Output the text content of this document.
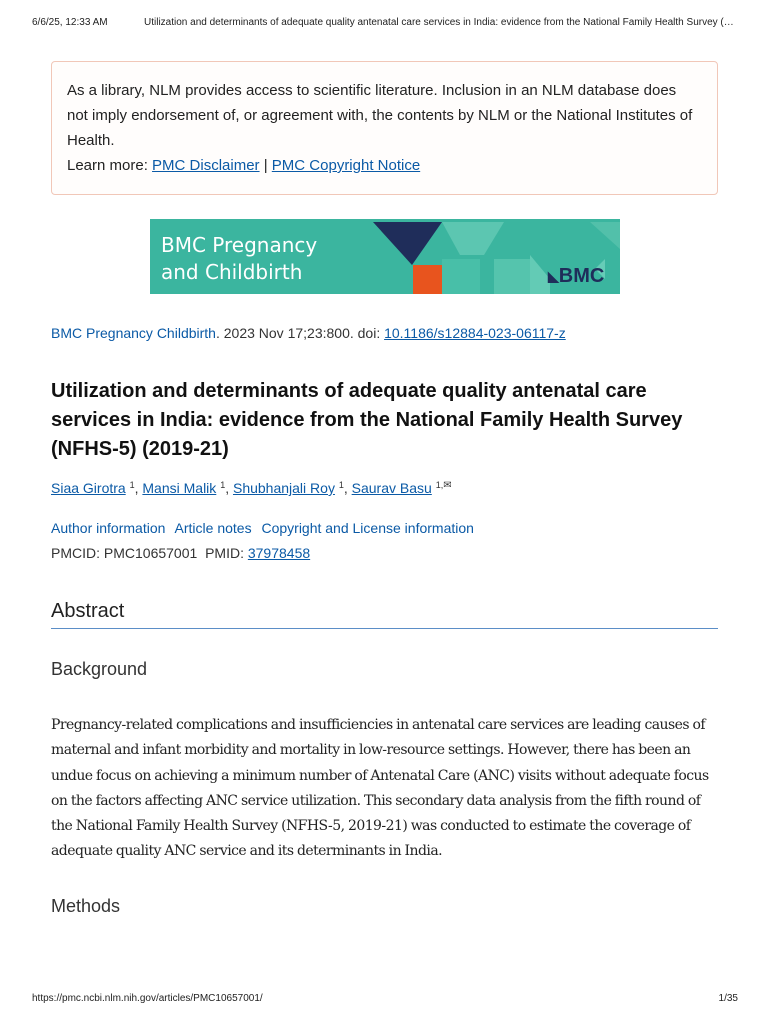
6/6/25, 12:33 AM	Utilization and determinants of adequate quality antenatal care services in India: evidence from the National Family Health Survey (…
As a library, NLM provides access to scientific literature. Inclusion in an NLM database does not imply endorsement of, or agreement with, the contents by NLM or the National Institutes of Health.
Learn more: PMC Disclaimer | PMC Copyright Notice
BMC Pregnancy
and Childbirth	◣BMC
BMC Pregnancy Childbirth. 2023 Nov 17;23:800. doi: 10.1186/s12884-023-06117-z
Utilization and determinants of adequate quality antenatal care services in India: evidence from the National Family Health Survey (NFHS-5) (2019-21)
Siaa Girotra $^1$, Mansi Malik $^1$, Shubhanjali Roy $^1$, Saurav Basu $^{1,✉}$
Author information Article notes Copyright and License information
PMCID: PMC10657001 PMID: 37978458
Abstract
Background

Pregnancy-related complications and insufficiencies in antenatal care services are leading causes of maternal and infant morbidity and mortality in low-resource settings. However, there has been an undue focus on achieving a minimum number of Antenatal Care (ANC) visits without adequate focus on the factors affecting ANC service utilization. This secondary data analysis from the fifth round of the National Family Health Survey (NFHS-5, 2019-21) was conducted to estimate the coverage of adequate quality ANC service and its determinants in India.

Methods
https://pmc.ncbi.nlm.nih.gov/articles/PMC10657001/	1/35
